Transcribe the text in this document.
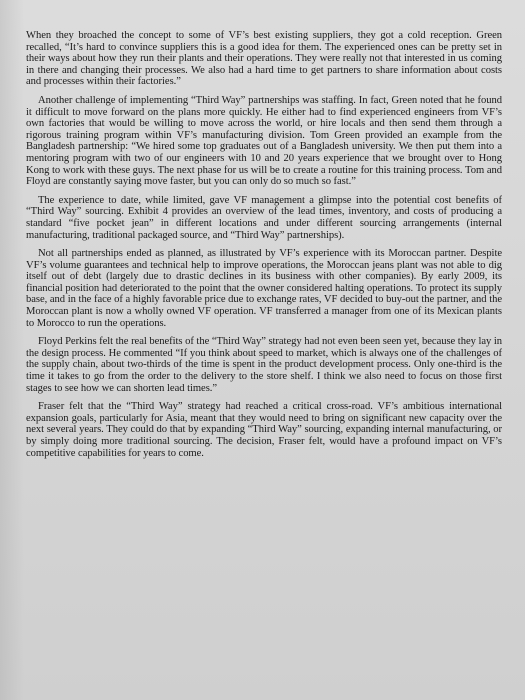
When they broached the concept to some of VF’s best existing suppliers, they got a cold reception. Green recalled, “It’s hard to convince suppliers this is a good idea for them. The experienced ones can be pretty set in their ways about how they run their plants and their operations. They were really not that interested in us coming in there and changing their processes. We also had a hard time to get partners to share information about costs and processes within their factories.”

Another challenge of implementing “Third Way” partnerships was staffing. In fact, Green noted that he found it difficult to move forward on the plans more quickly. He either had to find experienced engineers from VF’s own factories that would be willing to move across the world, or hire locals and then send them through a rigorous training program within VF’s manufacturing division. Tom Green provided an example from the Bangladesh partnership: “We hired some top graduates out of a Bangladesh university. We then put them into a mentoring program with two of our engineers with 10 and 20 years experience that we brought over to Hong Kong to work with these guys. The next phase for us will be to create a routine for this training process. Tom and Floyd are constantly saying move faster, but you can only do so much so fast.”

The experience to date, while limited, gave VF management a glimpse into the potential cost benefits of “Third Way” sourcing. Exhibit 4 provides an overview of the lead times, inventory, and costs of producing a standard “five pocket jean” in different locations and under different sourcing arrangements (internal manufacturing, traditional packaged source, and “Third Way” partnerships).

Not all partnerships ended as planned, as illustrated by VF’s experience with its Moroccan partner. Despite VF’s volume guarantees and technical help to improve operations, the Moroccan jeans plant was not able to dig itself out of debt (largely due to drastic declines in its business with other companies). By early 2009, its financial position had deteriorated to the point that the owner considered halting operations. To protect its supply base, and in the face of a highly favorable price due to exchange rates, VF decided to buy-out the partner, and the Moroccan plant is now a wholly owned VF operation. VF transferred a manager from one of its Mexican plants to Morocco to run the operations.

Floyd Perkins felt the real benefits of the “Third Way” strategy had not even been seen yet, because they lay in the design process. He commented “If you think about speed to market, which is always one of the challenges of the supply chain, about two-thirds of the time is spent in the product development process. Only one-third is the time it takes to go from the order to the delivery to the store shelf. I think we also need to focus on those first stages to see how we can shorten lead times.”

Fraser felt that the “Third Way” strategy had reached a critical cross-road. VF’s ambitious international expansion goals, particularly for Asia, meant that they would need to bring on significant new capacity over the next several years. They could do that by expanding “Third Way” sourcing, expanding internal manufacturing, or by simply doing more traditional sourcing. The decision, Fraser felt, would have a profound impact on VF’s competitive capabilities for years to come.
